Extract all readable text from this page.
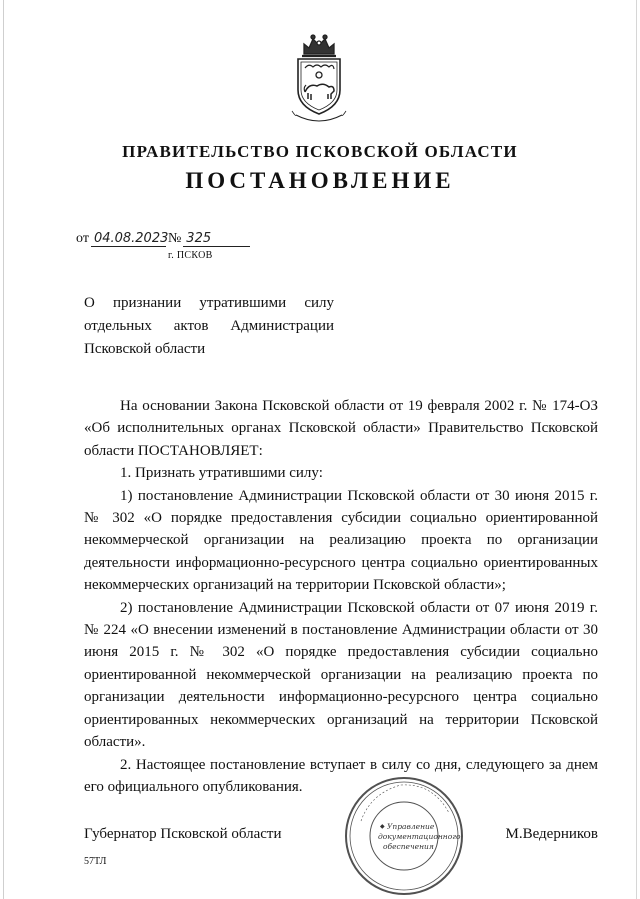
ПРАВИТЕЛЬСТВО ПСКОВСКОЙ ОБЛАСТИ
ПОСТАНОВЛЕНИЕ
от 04.08.2023№ 325
г. ПСКОВ
О признании утратившими силу
отдельных актов Администрации
Псковской области

На основании Закона Псковской области от 19 февраля 2002 г. № 174-ОЗ «Об исполнительных органах Псковской области» Правительство Псковской области ПОСТАНОВЛЯЕТ:

1. Признать утратившими силу:

1) постановление Администрации Псковской области от 30 июня 2015 г. № 302 «О порядке предоставления субсидии социально ориентированной некоммерческой организации на реализацию проекта по организации деятельности информационно-ресурсного центра социально ориентированных некоммерческих организаций на территории Псковской области»;

2) постановление Администрации Псковской области от 07 июня 2019 г. № 224 «О внесении изменений в постановление Администрации области от 30 июня 2015 г. № 302 «О порядке предоставления субсидии социально ориентированной некоммерческой организации на реализацию проекта по организации деятельности информационно-ресурсного центра социально ориентированных некоммерческих организаций на территории Псковской области».

2. Настоящее постановление вступает в силу со дня, следующего за днем его официального опубликования.

Губернатор Псковской области	М.Ведерников
◆ Управление
документационного
обеспечения
57ТЛ
